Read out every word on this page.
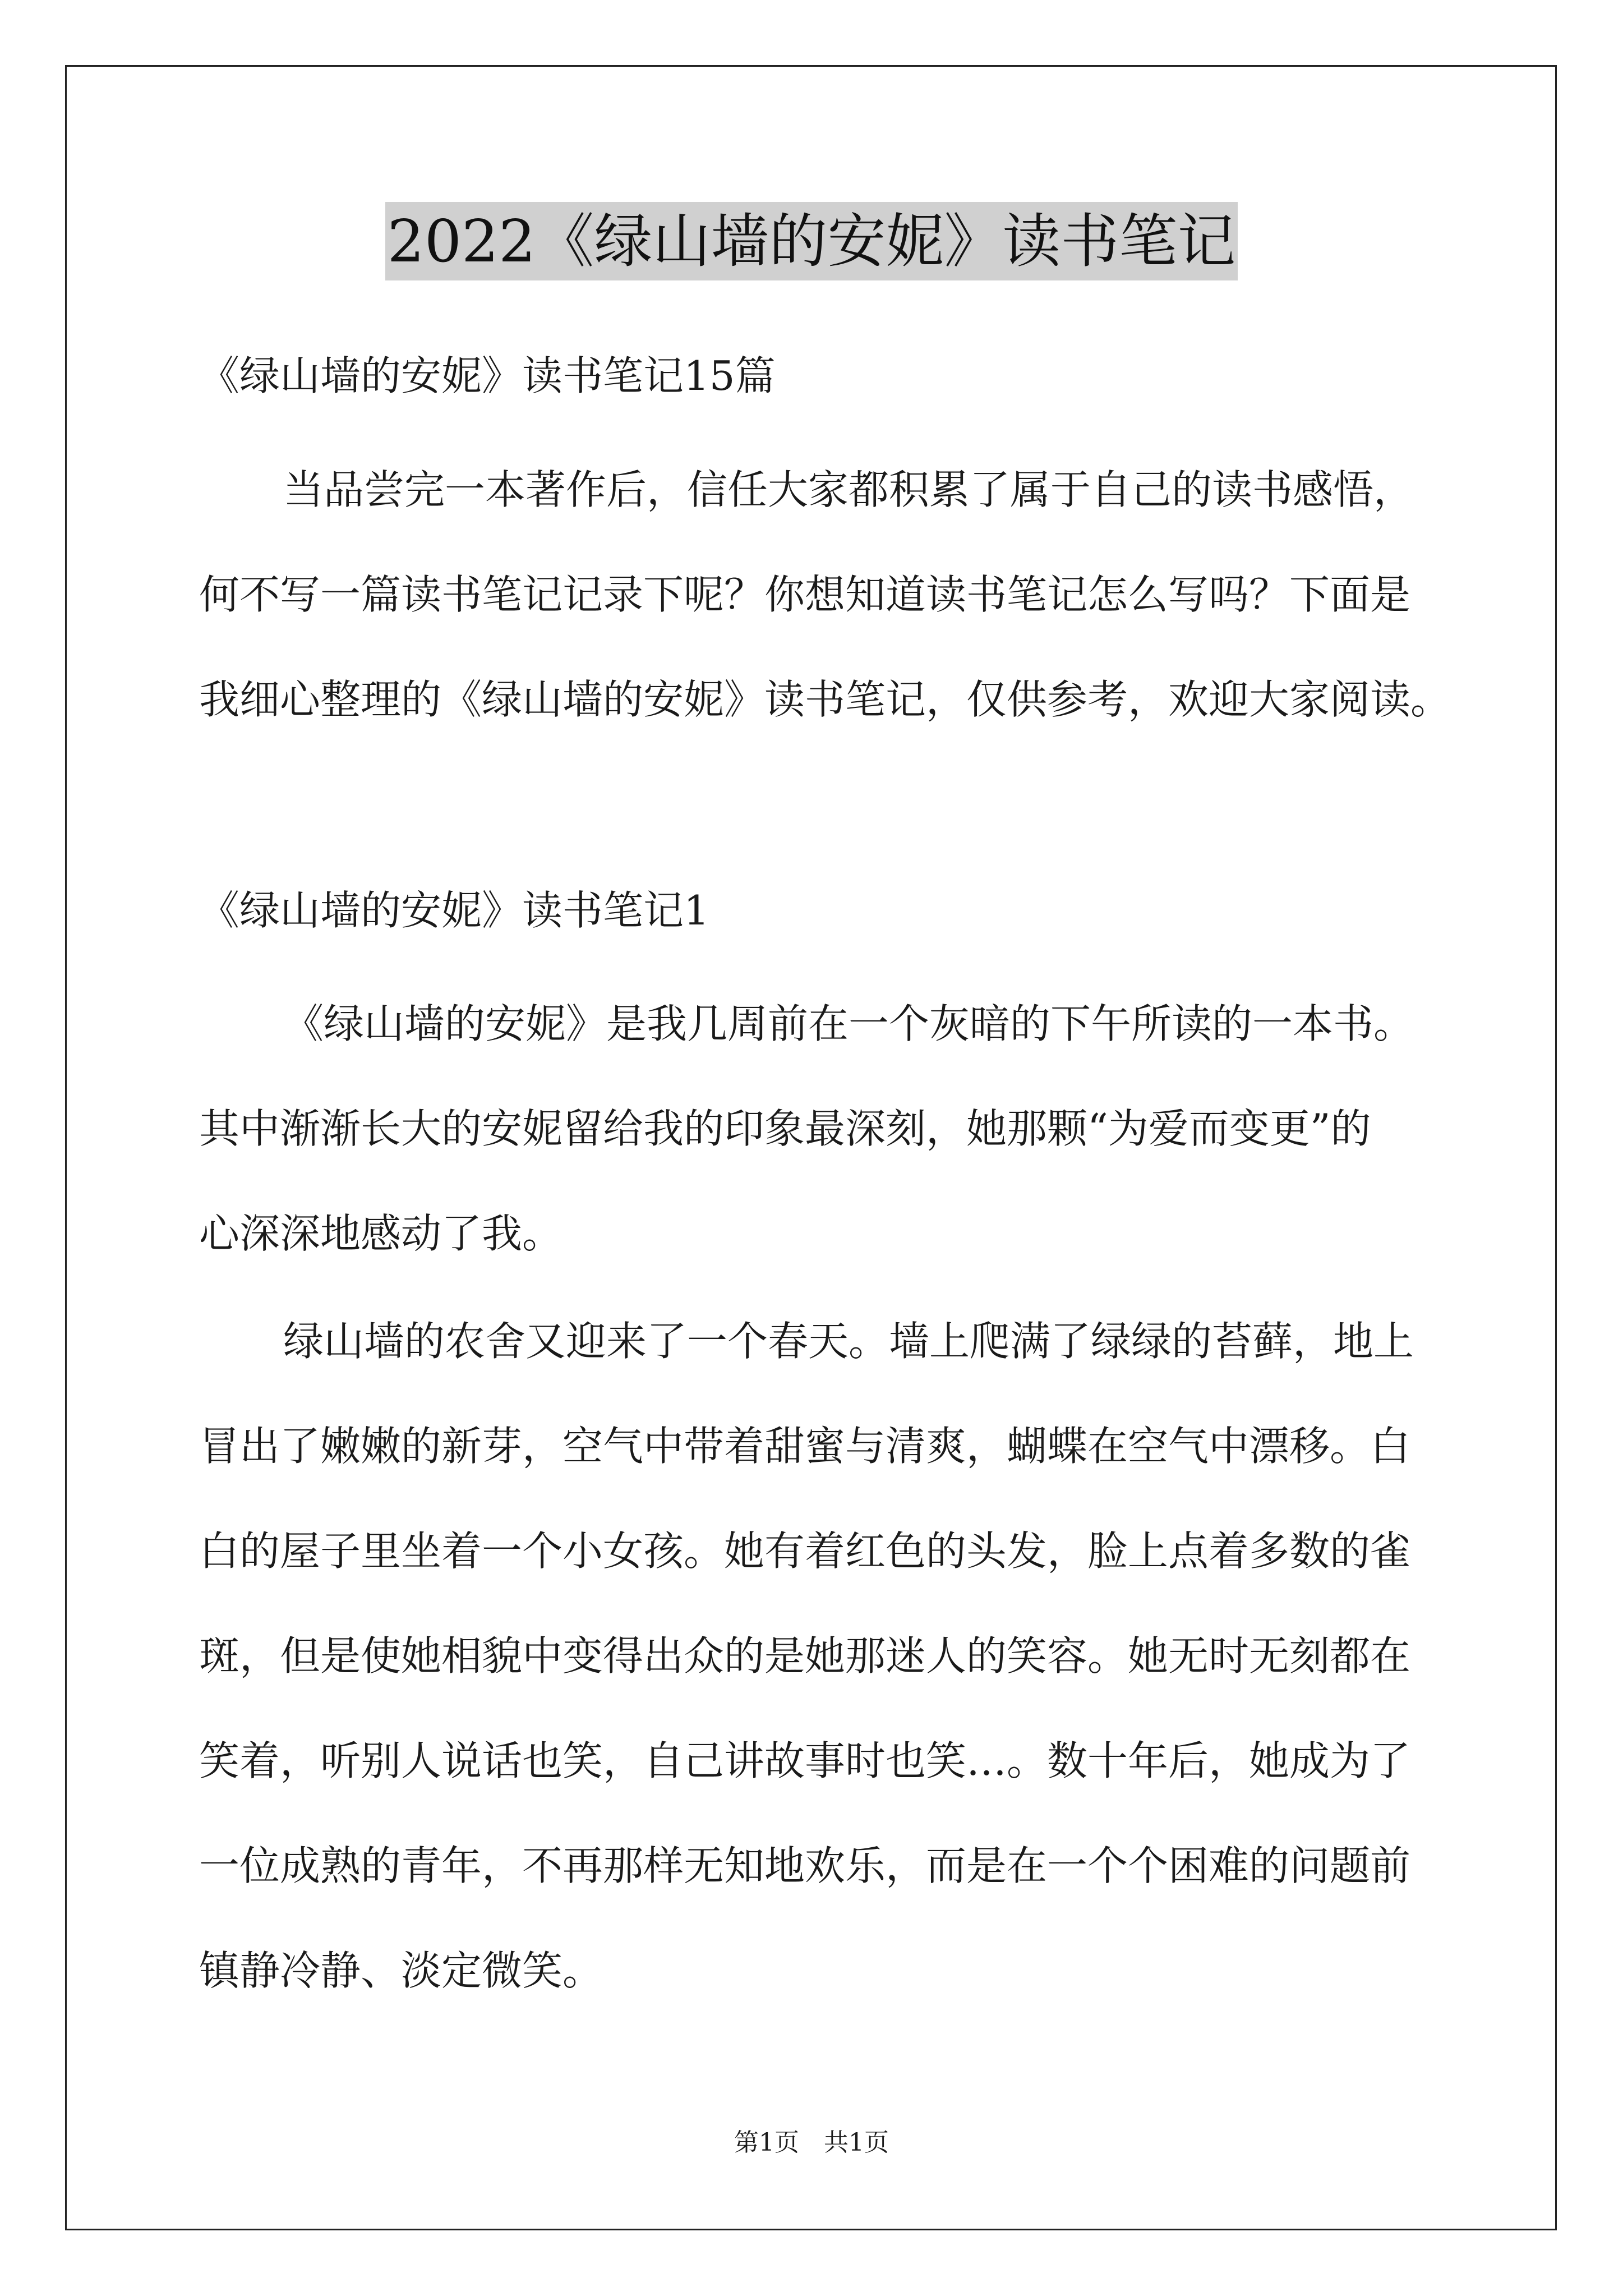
2022《绿山墙的安妮》读书笔记
《绿山墙的安妮》读书笔记15篇
当品尝完一本著作后，信任大家都积累了属于自己的读书感悟，
何不写一篇读书笔记记录下呢？你想知道读书笔记怎么写吗？下面是
我细心整理的《绿山墙的安妮》读书笔记，仅供参考，欢迎大家阅读。
《绿山墙的安妮》读书笔记1
《绿山墙的安妮》是我几周前在一个灰暗的下午所读的一本书。
其中渐渐长大的安妮留给我的印象最深刻，她那颗“为爱而变更”的
心深深地感动了我。
绿山墙的农舍又迎来了一个春天。墙上爬满了绿绿的苔藓，地上
冒出了嫩嫩的新芽，空气中带着甜蜜与清爽，蝴蝶在空气中漂移。白
白的屋子里坐着一个小女孩。她有着红色的头发，脸上点着多数的雀
斑，但是使她相貌中变得出众的是她那迷人的笑容。她无时无刻都在
笑着，听别人说话也笑，自己讲故事时也笑…。数十年后，她成为了
一位成熟的青年，不再那样无知地欢乐，而是在一个个困难的问题前
镇静冷静、淡定微笑。
第1页　共1页
